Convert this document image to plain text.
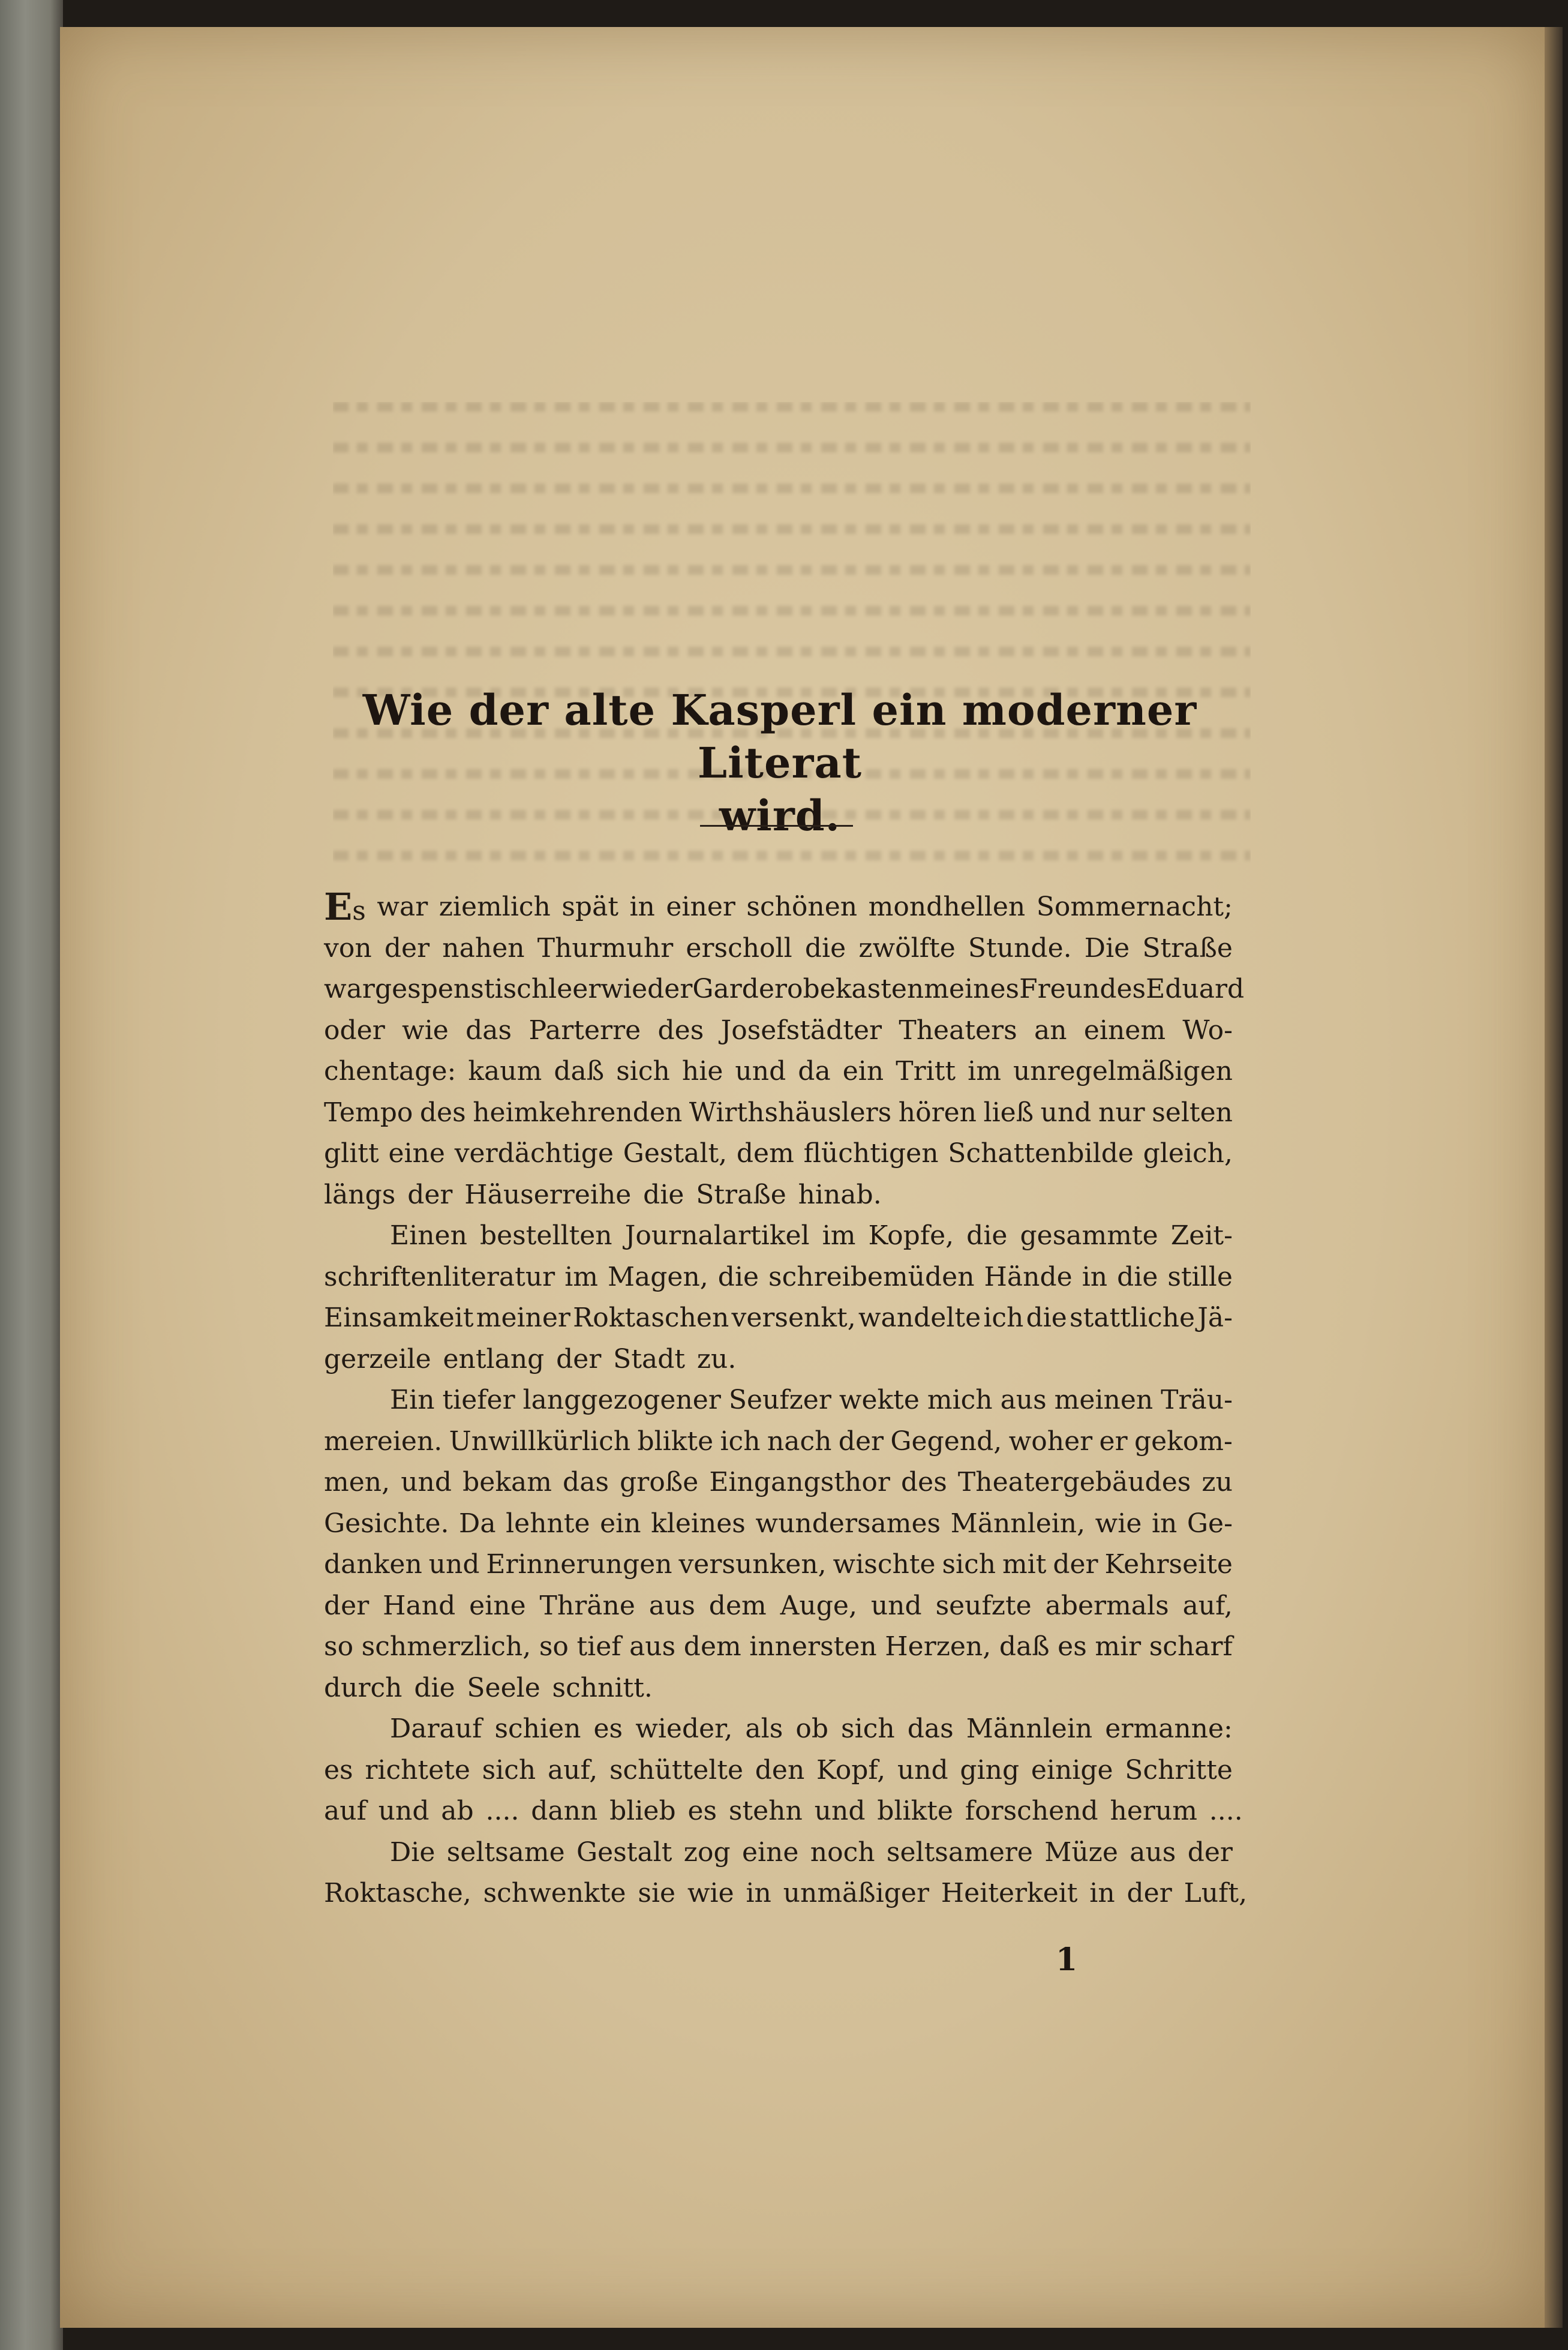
Wie der alte Kasperl ein moderner Literat
wird.
Es war ziemlich spät in einer schönen mondhellen Sommernacht;
von der nahen Thurmuhr erscholl die zwölfte Stunde. Die Straße
war gespenstisch leer wie der Garderobekasten meines Freundes Eduard
oder wie das Parterre des Josefstädter Theaters an einem Wo-
chentage: kaum daß sich hie und da ein Tritt im unregelmäßigen
Tempo des heimkehrenden Wirthshäuslers hören ließ und nur selten
glitt eine verdächtige Gestalt, dem flüchtigen Schattenbilde gleich,
längs der Häuserreihe die Straße hinab.
Einen bestellten Journalartikel im Kopfe, die gesammte Zeit-
schriftenliteratur im Magen, die schreibemüden Hände in die stille
Einsamkeit meiner Roktaschen versenkt, wandelte ich die stattliche Jä-
gerzeile entlang der Stadt zu.
Ein tiefer langgezogener Seufzer wekte mich aus meinen Träu-
mereien. Unwillkürlich blikte ich nach der Gegend, woher er gekom-
men, und bekam das große Eingangsthor des Theatergebäudes zu
Gesichte. Da lehnte ein kleines wundersames Männlein, wie in Ge-
danken und Erinnerungen versunken, wischte sich mit der Kehrseite
der Hand eine Thräne aus dem Auge, und seufzte abermals auf,
so schmerzlich, so tief aus dem innersten Herzen, daß es mir scharf
durch die Seele schnitt.
Darauf schien es wieder, als ob sich das Männlein ermanne:
es richtete sich auf, schüttelte den Kopf, und ging einige Schritte
auf und ab .... dann blieb es stehn und blikte forschend herum ....
Die seltsame Gestalt zog eine noch seltsamere Müze aus der
Roktasche, schwenkte sie wie in unmäßiger Heiterkeit in der Luft,
1
